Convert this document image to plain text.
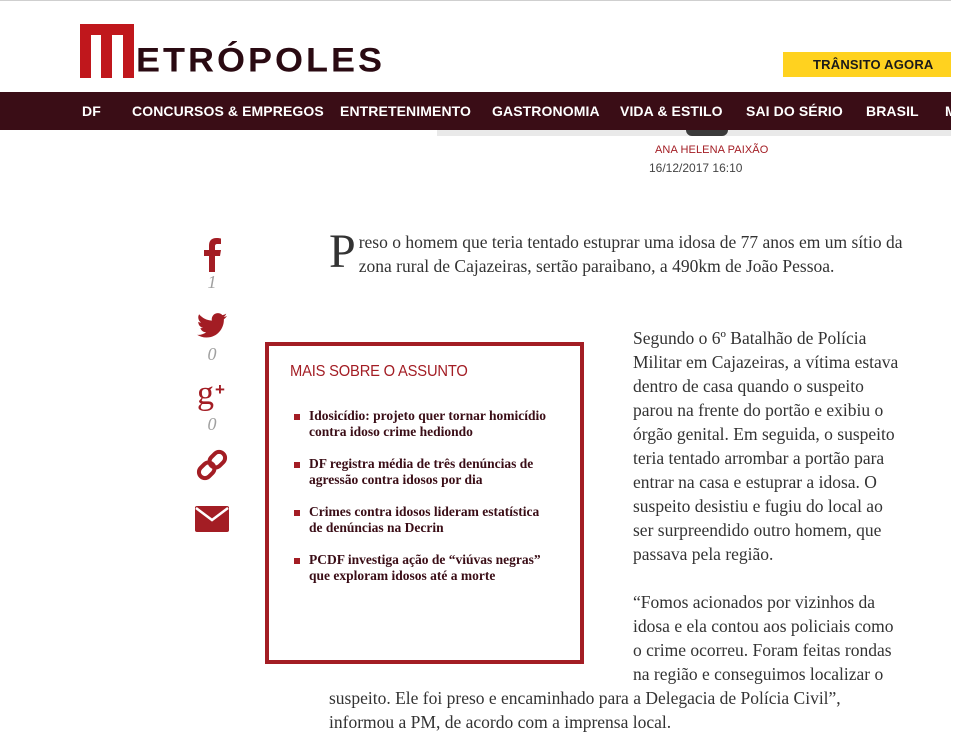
ETRÓPOLES	TRÂNSITO AGORA
DF CONCURSOS & EMPREGOS ENTRETENIMENTO GASTRONOMIA VIDA & ESTILO SAI DO SÉRIO BRASIL M
ANA HELENA PAIXÃO
16/12/2017 16:10
1
0
g +
0
P reso o homem que teria tentado estuprar uma idosa de 77 anos em um sítio da zona rural de Cajazeiras, sertão paraibano, a 490km de João Pessoa.
Segundo o 6º Batalhão de Polícia
Militar em Cajazeiras, a vítima estava
dentro de casa quando o suspeito
parou na frente do portão e exibiu o
órgão genital. Em seguida, o suspeito
teria tentado arrombar a portão para
entrar na casa e estuprar a idosa. O
suspeito desistiu e fugiu do local ao
ser surpreendido outro homem, que
passava pela região.
“Fomos acionados por vizinhos da
idosa e ela contou aos policiais como
o crime ocorreu. Foram feitas rondas
na região e conseguimos localizar o
suspeito. Ele foi preso e encaminhado para a Delegacia de Polícia Civil”,
informou a PM, de acordo com a imprensa local.
MAIS SOBRE O ASSUNTO
Idosicídio: projeto quer tornar homicídio contra idoso crime hediondo
DF registra média de três denúncias de agressão contra idosos por dia
Crimes contra idosos lideram estatística de denúncias na Decrin
PCDF investiga ação de “viúvas negras” que exploram idosos até a morte
